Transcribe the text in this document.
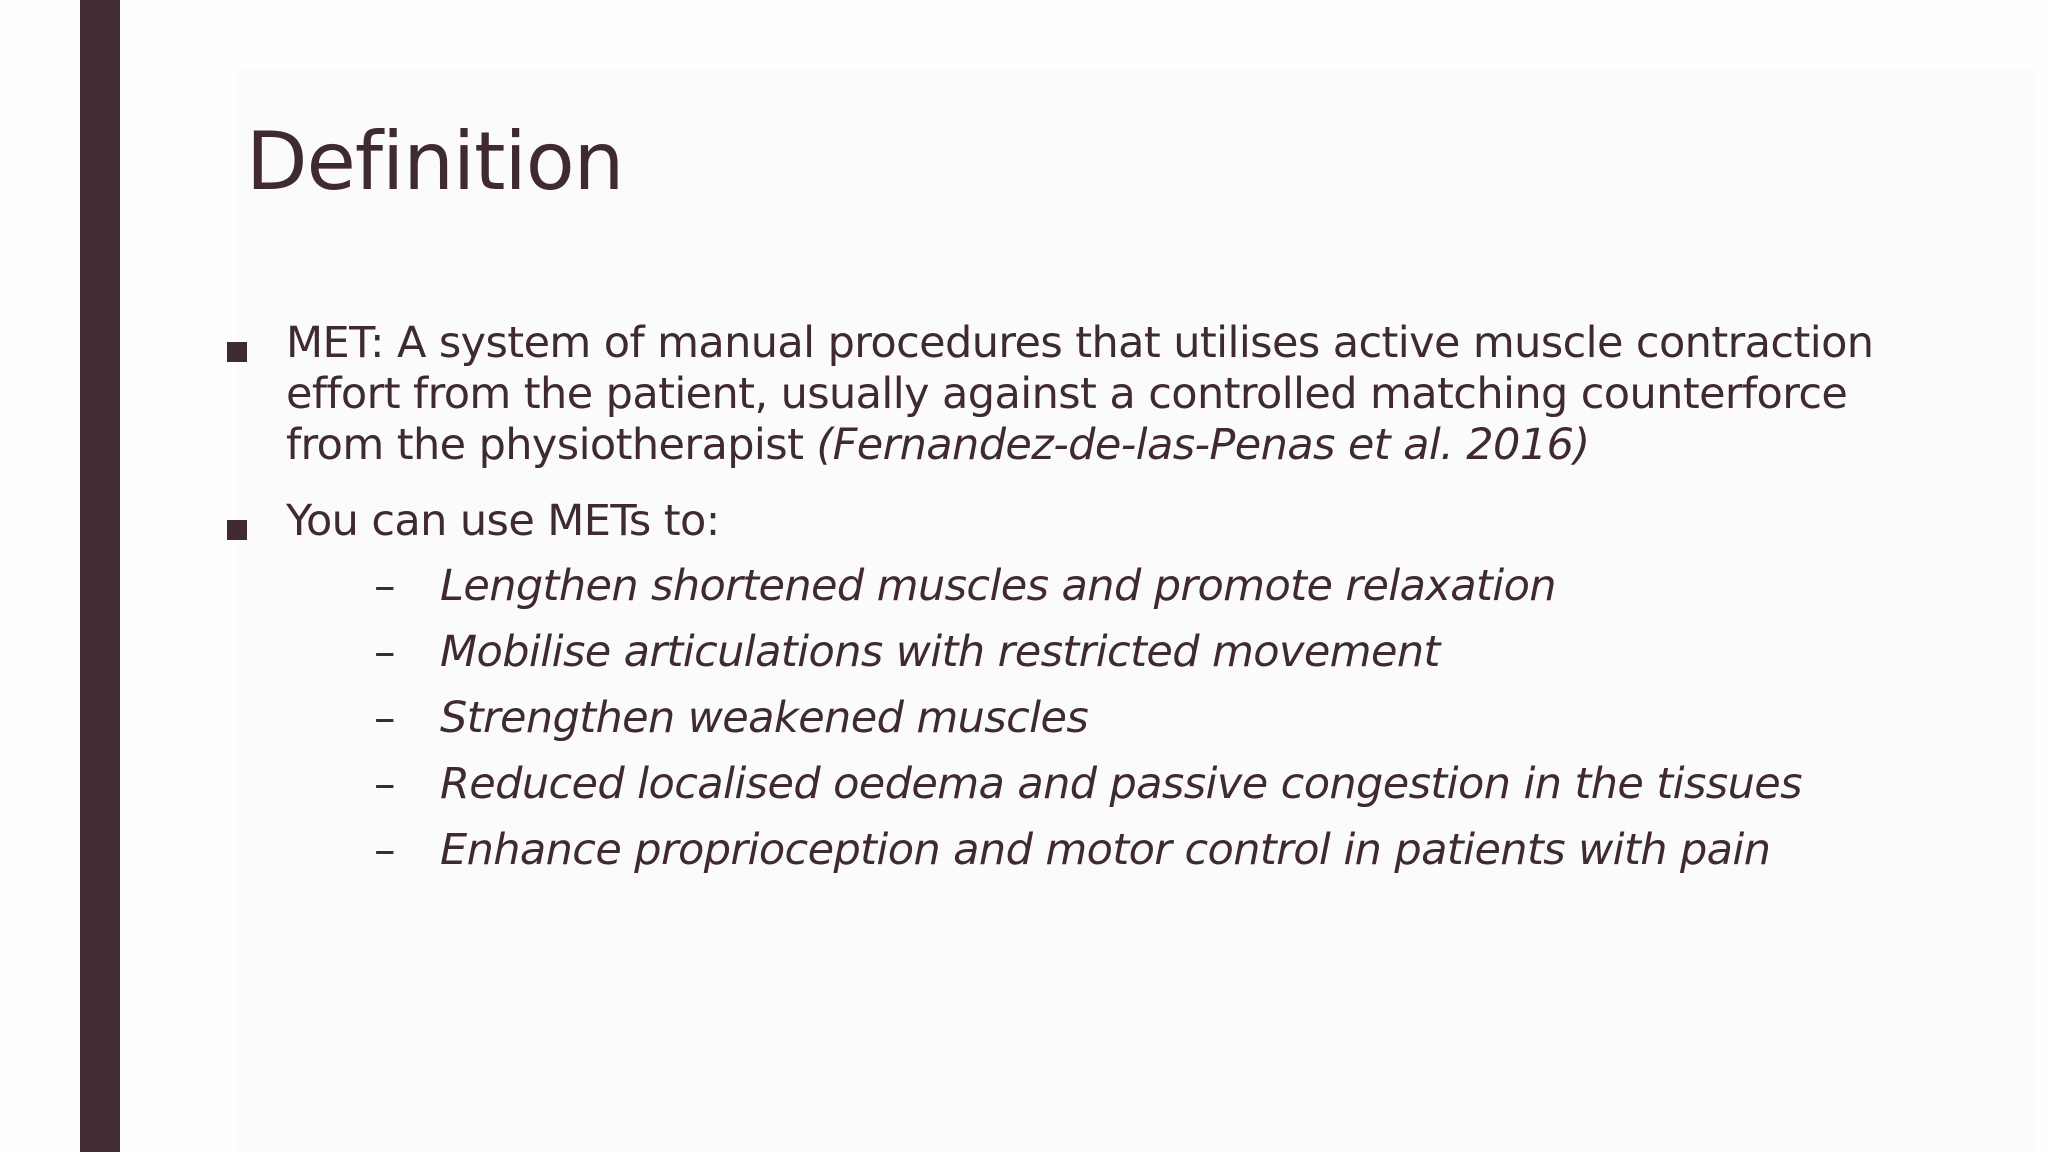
Definition
MET: A system of manual procedures that utilises active muscle contraction effort from the patient, usually against a controlled matching counterforce from the physiotherapist (Fernandez-de-las-Penas et al. 2016)
You can use METs to:
– Lengthen shortened muscles and promote relaxation
– Mobilise articulations with restricted movement
– Strengthen weakened muscles
– Reduced localised oedema and passive congestion in the tissues
– Enhance proprioception and motor control in patients with pain
